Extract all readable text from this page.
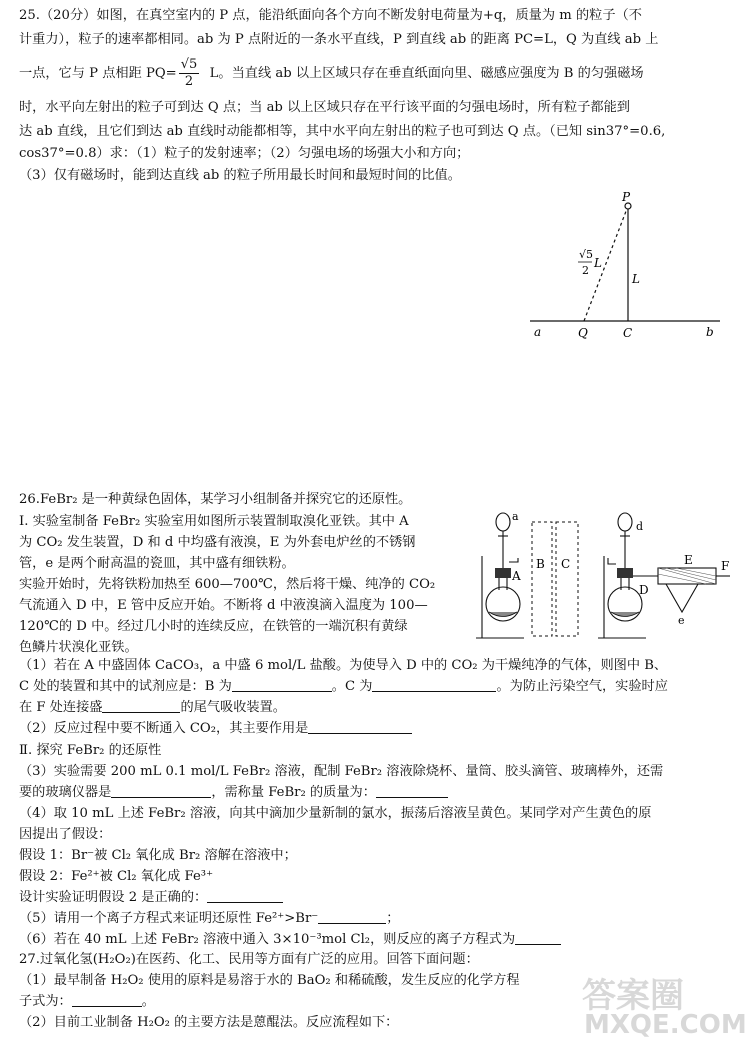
25.（20分）如图，在真空室内的 P 点，能沿纸面向各个方向不断发射电荷量为+q，质量为 m 的粒子（不
计重力），粒子的速率都相同。ab 为 P 点附近的一条水平直线，P 到直线 ab 的距离 PC=L，Q 为直线 ab 上
一点，它与 P 点相距 $PQ= \frac{√5}{2}$ L。当直线 ab 以上区域只存在垂直纸面向里、磁感应强度为 B 的匀强磁场
时，水平向左射出的粒子可到达 Q 点；当 ab 以上区域只存在平行该平面的匀强电场时，所有粒子都能到
达 ab 直线，且它们到达 ab 直线时动能都相等，其中水平向左射出的粒子也可到达 Q 点。（已知 sin37°=0.6,
cos37°=0.8）求：（1）粒子的发射速率；（2）匀强电场的场强大小和方向；
（3）仅有磁场时，能到达直线 ab 的粒子所用最长时间和最短时间的比值。
P
√5
2
L
L
a	Q	C	b
26.FeBr₂ 是一种黄绿色固体，某学习小组制备并探究它的还原性。
I. 实验室制备 FeBr₂ 实验室用如图所示装置制取溴化亚铁。其中 A
为 CO₂ 发生装置，D 和 d 中均盛有液溴，E 为外套电炉丝的不锈钢
管，e 是两个耐高温的瓷皿，其中盛有细铁粉。
实验开始时，先将铁粉加热至 600—700℃，然后将干燥、纯净的 CO₂
气流通入 D 中，E 管中反应开始。不断将 d 中液溴滴入温度为 100—
120℃的 D 中。经过几小时的连续反应，在铁管的一端沉积有黄绿
色鳞片状溴化亚铁。
（1）若在 A 中盛固体 CaCO₃，a 中盛 6 mol/L 盐酸。为使导入 D 中的 CO₂ 为干燥纯净的气体，则图中 B、
C 处的装置和其中的试剂应是：B 为	。C 为	。为防止污染空气，实验时应
在 F 处连接盛	的尾气吸收装置。
（2）反应过程中要不断通入 CO₂，其主要作用是
Ⅱ. 探究 FeBr₂ 的还原性
（3）实验需要 200 mL 0.1 mol/L FeBr₂ 溶液，配制 FeBr₂ 溶液除烧杯、量筒、胶头滴管、玻璃棒外，还需
要的玻璃仪器是	，需称量 FeBr₂ 的质量为：
（4）取 10 mL 上述 FeBr₂ 溶液，向其中滴加少量新制的氯水，振荡后溶液呈黄色。某同学对产生黄色的原
因提出了假设：
假设 1：Br⁻被 Cl₂ 氧化成 Br₂ 溶解在溶液中；
假设 2：Fe²⁺被 Cl₂ 氧化成 Fe³⁺
设计实验证明假设 2 是正确的：
（5）请用一个离子方程式来证明还原性 Fe²⁺>Br⁻	；
（6）若在 40 mL 上述 FeBr₂ 溶液中通入 3×10⁻³mol Cl₂，则反应的离子方程式为
a
A
B C
d
D
E F
e
27.过氧化氢(H₂O₂)在医药、化工、民用等方面有广泛的应用。回答下面问题：
（1）最早制备 H₂O₂ 使用的原料是易溶于水的 BaO₂ 和稀硫酸，发生反应的化学方程
子式为：	。
（2）目前工业制备 H₂O₂ 的主要方法是蒽醌法。反应流程如下：
答案圈
MXQE.COM
